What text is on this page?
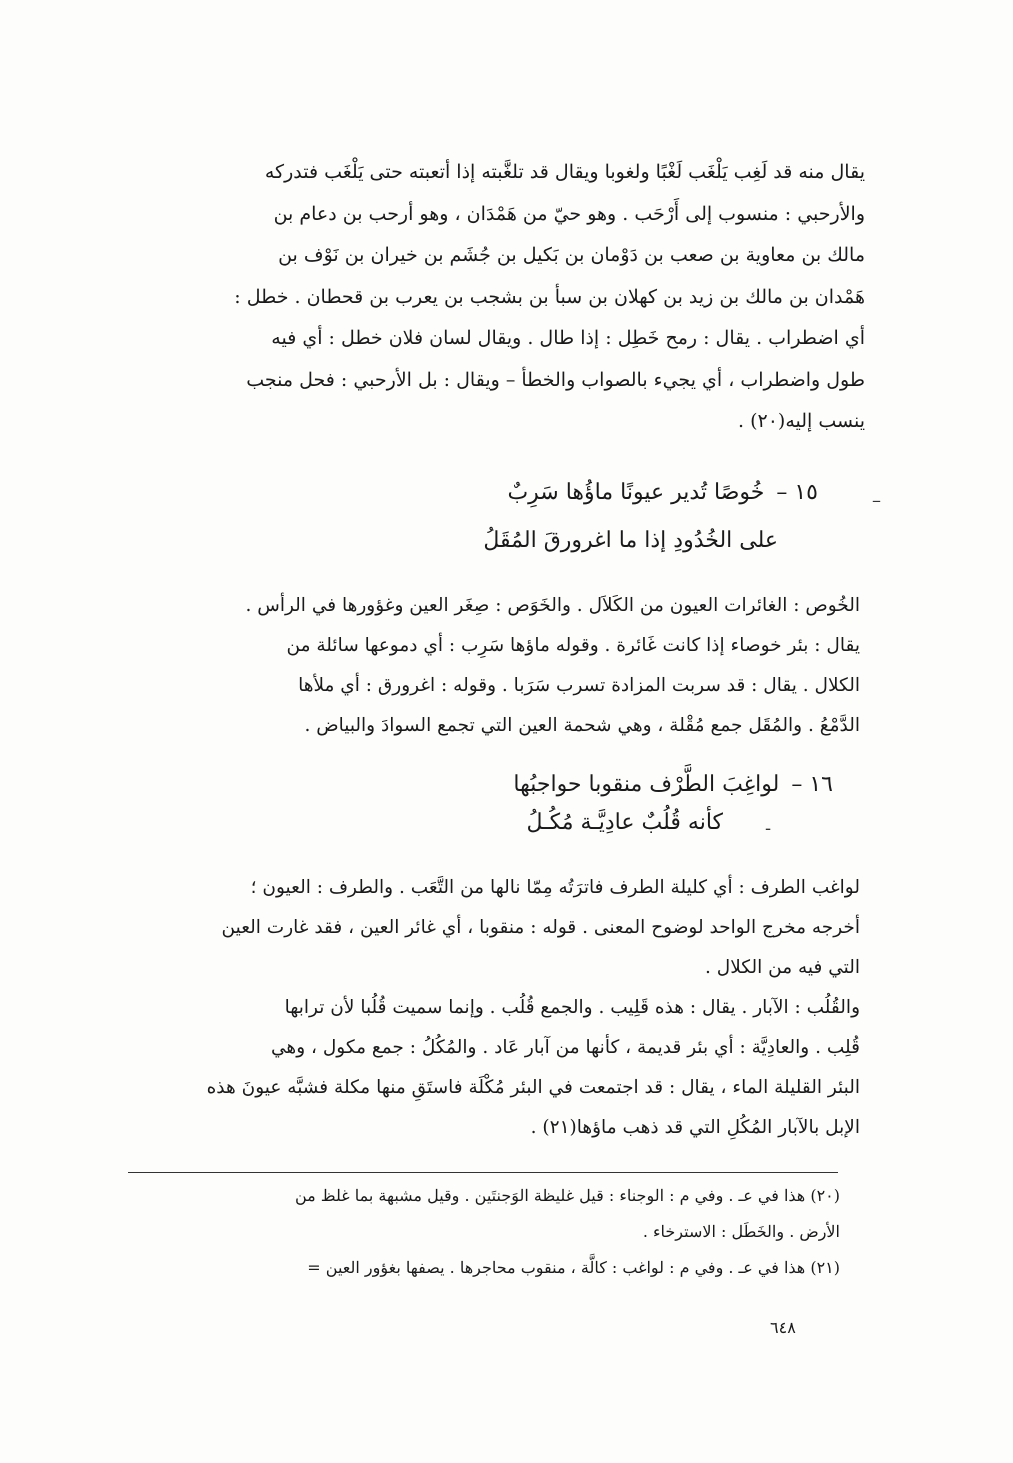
يقال منه قد لَغِب يَلْغَب لَغْبًا ولغوبا ويقال قد تلغَّبته إذا أتعبته حتى يَلْغَب فتدركه
والأرحبي : منسوب إلى أَرْحَب . وهو حيّ من هَمْدَان ، وهو أرحب بن دعام بن
مالك بن معاوية بن صعب بن دَوْمان بن بَكيل بن جُشَم بن خيران بن نَوْف بن
هَمْدان بن مالك بن زيد بن كهلان بن سبأ بن بشجب بن يعرب بن قحطان . خطل :
أي اضطراب . يقال : رمح خَطِل : إذا طال . ويقال لسان فلان خطل : أي فيه
طول واضطراب ، أي يجيء بالصواب والخطأ – ويقال : بل الأرحبي : فحل منجب
ينسب إليه(٢٠) .
–
١٥ –خُوصًا تُدير عيونًا ماؤُها سَرِبٌ
على الخُدُودِ إذا ما اغرورقَ المُقَلُ
الخُوص : الغائرات العيون من الكَلاَل . والخَوَص : صِغَر العين وغؤورها في الرأس .
يقال : بئر خوصاء إذا كانت غَائرة . وقوله ماؤها سَرِب : أي دموعها سائلة من
الكلال . يقال : قد سربت المزادة تسرب سَرَبا . وقوله : اغرورق : أي ملأها
الدَّمْعُ . والمُقَل جمع مُقْلة ، وهي شحمة العين التي تجمع السوادَ والبياض .
١٦ –لواغِبَ الطَّرْف منقوبا حواجبُها
-
كأنه قُلُبٌ عادِيَّـة مُكُـلُ
لواغب الطرف : أي كليلة الطرف فاترَتُه مِمّا نالها من التَّعَب . والطرف : العيون ؛
أخرجه مخرج الواحد لوضوح المعنى . قوله : منقوبا ، أي غائر العين ، فقد غارت العين
التي فيه من الكلال .
والقُلُب : الآبار . يقال : هذه قَلِيب . والجمع قُلُب . وإنما سميت قُلُبا لأن ترابها
قُلِب . والعادِيَّة : أي بئر قديمة ، كأنها من آبار عَاد . والمُكُلُ : جمع مكول ، وهي
البئر القليلة الماء ، يقال : قد اجتمعت في البئر مُكْلَة فاستَقِ منها مكلة فشبَّه عيونَ هذه
الإبل بالآبار المُكُلِ التي قد ذهب ماؤها(٢١) .
(٢٠) هذا في عـ . وفي م : الوجناء : قيل غليظة الوَجنتَين . وقيل مشبهة بما غلظ من
الأرض . والخَطَل : الاسترخاء .
(٢١) هذا في عـ . وفي م : لواغب : كالَّة ، منقوب محاجرها . يصفها بغؤور العين =
٦٤٨
